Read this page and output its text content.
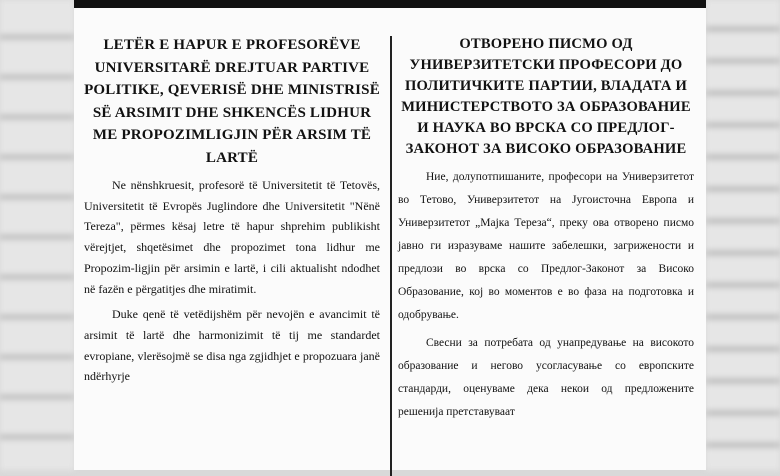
LETËR E HAPUR E PROFESORËVE UNIVERSITARË DREJTUAR PARTIVE POLITIKE, QEVERISË DHE MINISTRISË SË ARSIMIT DHE SHKENCËS LIDHUR ME PROPOZIMLIGJIN PËR ARSIM TË LARTË

Ne nënshkruesit, profesorë të Universitetit të Tetovës, Universitetit të Evropës Juglindore dhe Universitetit "Nënë Tereza", përmes kësaj letre të hapur shprehim publikisht vërejtjet, shqetësimet dhe propozimet tona lidhur me Propozim-ligjin për arsimin e lartë, i cili aktualisht ndodhet në fazën e përgatitjes dhe miratimit.

Duke qenë të vetëdijshëm për nevojën e avancimit të arsimit të lartë dhe harmonizimit të tij me standardet evropiane, vlerësojmë se disa nga zgjidhjet e propozuara janë ndërhyrje

ОТВОРЕНО ПИСМО ОД УНИВЕРЗИТЕТСКИ ПРОФЕСОРИ ДО ПОЛИТИЧКИТЕ ПАРТИИ, ВЛАДАТА И МИНИСТЕРСТВОТО ЗА ОБРАЗОВАНИЕ И НАУКА ВО ВРСКА СО ПРЕДЛОГ-ЗАКОНОТ ЗА ВИСОКО ОБРАЗОВАНИЕ

Ние, долупотпишаните, професори на Универзитетот во Тетово, Универзитетот на Југоисточна Европа и Универзитетот „Мајка Тереза“, преку ова отворено писмо јавно ги изразуваме нашите забелешки, загрижености и предлози во врска со Предлог-Законот за Високо Образование, кој во моментов е во фаза на подготовка и одобрување.

Свесни за потребата од унапредување на високото образование и негово усогласување со европските стандарди, оценуваме дека некои од предложените решенија претставуваат
